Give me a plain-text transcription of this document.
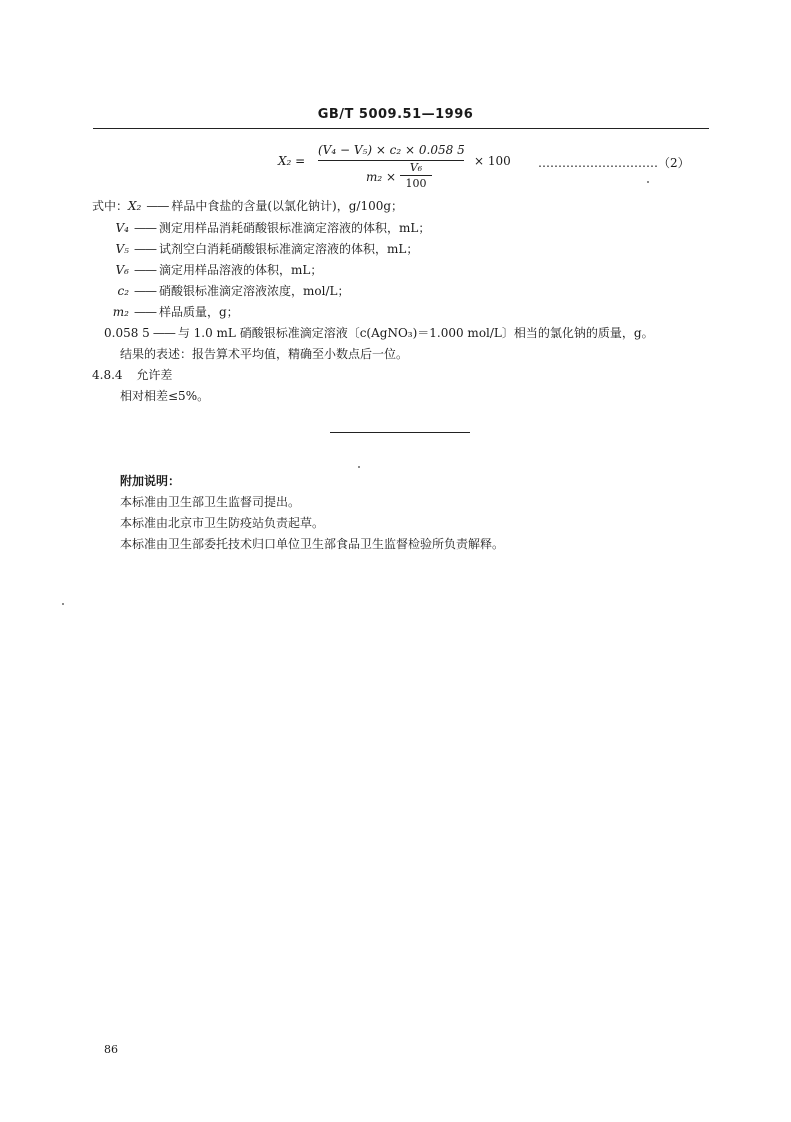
GB/T 5009.51—1996
X₂ =
(V₄ − V₅) × c₂ × 0.058 5
m₂ ×
V₆
100
× 100 …………………………（2）
式中：X₂ —— 样品中食盐的含量(以氯化钠计)，g/100g；
V₄ —— 测定用样品消耗硝酸银标准滴定溶液的体积，mL；
V₅ —— 试剂空白消耗硝酸银标准滴定溶液的体积，mL；
V₆ —— 滴定用样品溶液的体积，mL；
c₂ —— 硝酸银标准滴定溶液浓度，mol/L；
m₂ —— 样品质量，g；
0.058 5 —— 与 1.0 mL 硝酸银标准滴定溶液〔c(AgNO₃)＝1.000 mol/L〕相当的氯化钠的质量，g。
结果的表述：报告算术平均值，精确至小数点后一位。
4.8.4 允许差
相对相差≤5%。
附加说明：
本标准由卫生部卫生监督司提出。
本标准由北京市卫生防疫站负责起草。
本标准由卫生部委托技术归口单位卫生部食品卫生监督检验所负责解释。
86
